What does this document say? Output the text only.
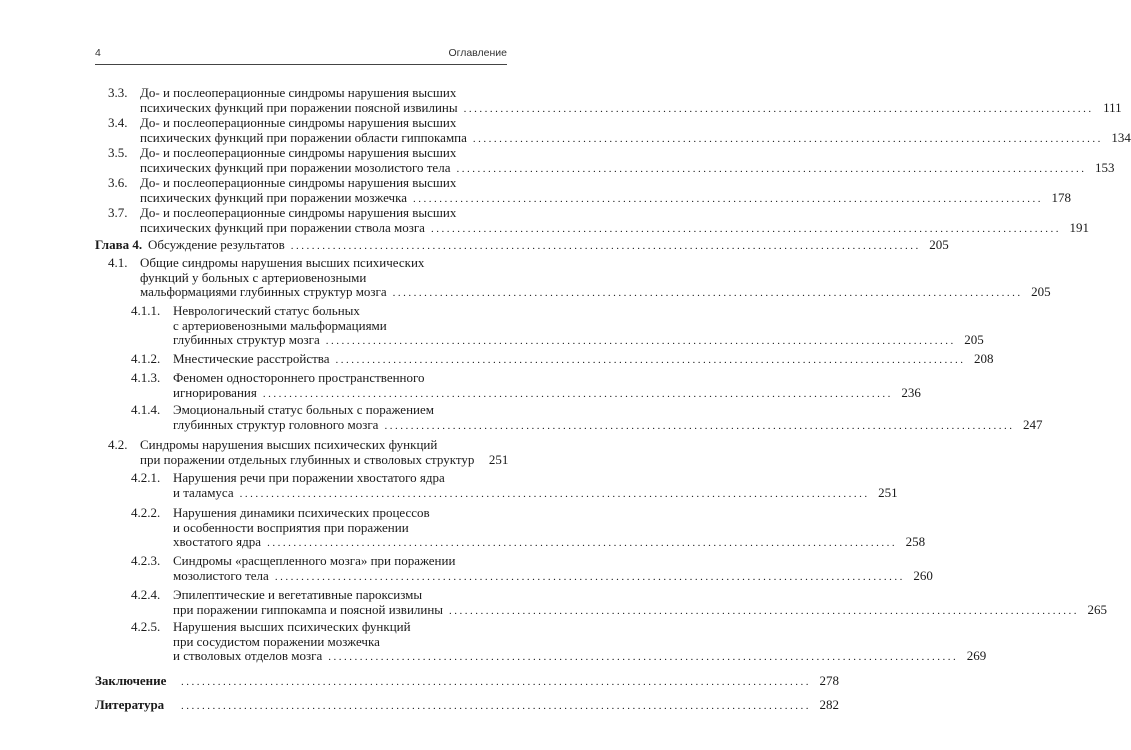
4	Оглавление
3.3. До- и послеоперационные синдромы нарушения высших
психических функций при поражении поясной извилины ........................................................................................................................ 111
3.4. До- и послеоперационные синдромы нарушения высших
психических функций при поражении области гиппокампа ........................................................................................................................ 134
3.5. До- и послеоперационные синдромы нарушения высших
психических функций при поражении мозолистого тела ........................................................................................................................ 153
3.6. До- и послеоперационные синдромы нарушения высших
психических функций при поражении мозжечка ........................................................................................................................ 178
3.7. До- и послеоперационные синдромы нарушения высших
психических функций при поражении ствола мозга ........................................................................................................................ 191
Глава 4. Обсуждение результатов ........................................................................................................................ 205
4.1. Общие синдромы нарушения высших психических
функций у больных с артериовенозными
мальформациями глубинных структур мозга ........................................................................................................................ 205
4.1.1. Неврологический статус больных
с артериовенозными мальформациями
глубинных структур мозга ........................................................................................................................ 205
4.1.2. Мнестические расстройства ........................................................................................................................ 208
4.1.3. Феномен одностороннего пространственного
игнорирования ........................................................................................................................ 236
4.1.4. Эмоциональный статус больных с поражением
глубинных структур головного мозга ........................................................................................................................ 247
4.2. Синдромы нарушения высших психических функций
при поражении отдельных глубинных и стволовых структур 251
4.2.1. Нарушения речи при поражении хвостатого ядра
и таламуса ........................................................................................................................ 251
4.2.2. Нарушения динамики психических процессов
и особенности восприятия при поражении
хвостатого ядра ........................................................................................................................ 258
4.2.3. Синдромы «расщепленного мозга» при поражении
мозолистого тела ........................................................................................................................ 260
4.2.4. Эпилептические и вегетативные пароксизмы
при поражении гиппокампа и поясной извилины ........................................................................................................................ 265
4.2.5. Нарушения высших психических функций
при сосудистом поражении мозжечка
и стволовых отделов мозга ........................................................................................................................ 269
Заключение ........................................................................................................................ 278
Литература ........................................................................................................................ 282
